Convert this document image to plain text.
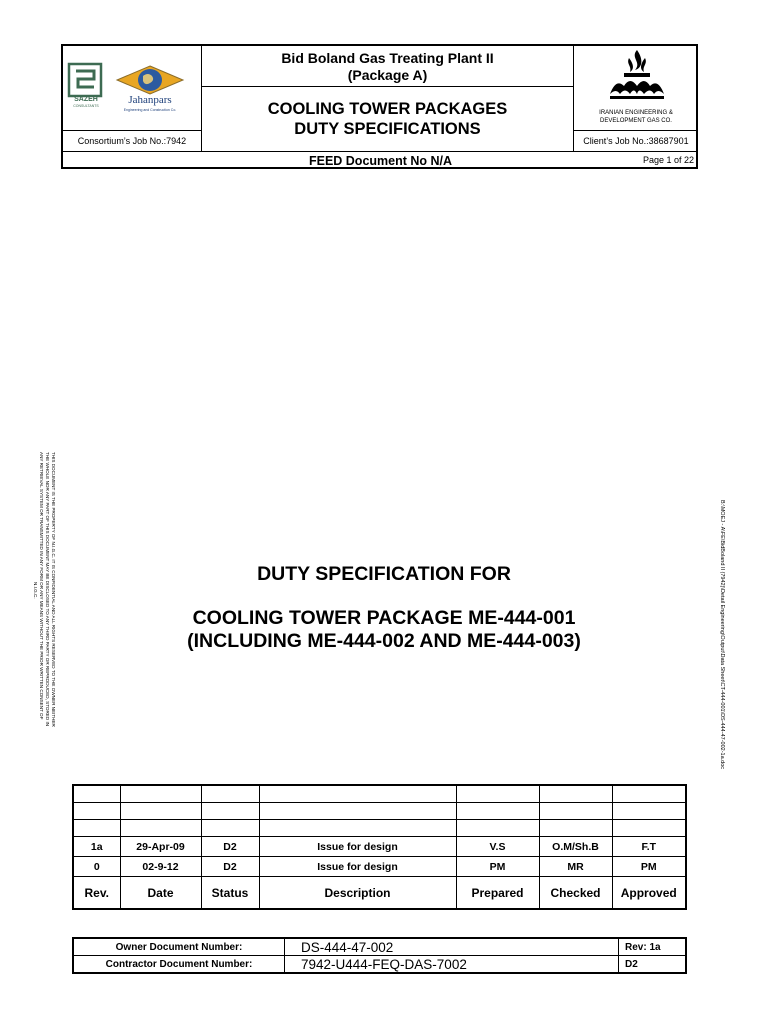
SAZEH
CONSULTANTS	Jahanpars
Engineering and Construction Co.
Bid Boland Gas Treating Plant II
(Package A)
COOLING TOWER PACKAGES
DUTY SPECIFICATIONS
IRANIAN ENGINEERING &
DEVELOPMENT GAS CO.
Consortium’s Job No.:7942	Client’s Job No.:38687901
FEED Document No N/A	Page 1 of 22
THIS DOCUMENT IS THE PROPERTY OF N.I.G.C. IT IS CONFIDENTIAL AND ALL RIGHTS RESERVED TO THE OWNER NEITHER
THE WHOLE NOR ANY PART OF THIS DOCUMENT MAY BE DISCLOSED TO ANY THIRD PARTY OR REPRODUCED, STORED IN
ANY RETRIEVAL SYSTEM OR TRANSMITTED IN ANY FORM OR ANY MEANS WITHOUT THE PRIOR WRITTEN CONSENT OF
N.I.G.C.	B:\MOEJ - A\FE\BidBoland II (7942)\Detail Engineering\Output\Data Sheet\CT-444-001\DS-444-47-002-1a.doc
DUTY SPECIFICATION FOR
COOLING TOWER PACKAGE ME-444-001
(INCLUDING ME-444-002 AND ME-444-003)

1a	29-Apr-09	D2	Issue for design	V.S	O.M/Sh.B	F.T
0	02-9-12	D2	Issue for design	PM	MR	PM
Rev.	Date	Status	Description	Prepared	Checked	Approved
Owner Document Number:	DS-444-47-002	Rev: 1a
Contractor Document Number:	7942-U444-FEQ-DAS-7002	D2
